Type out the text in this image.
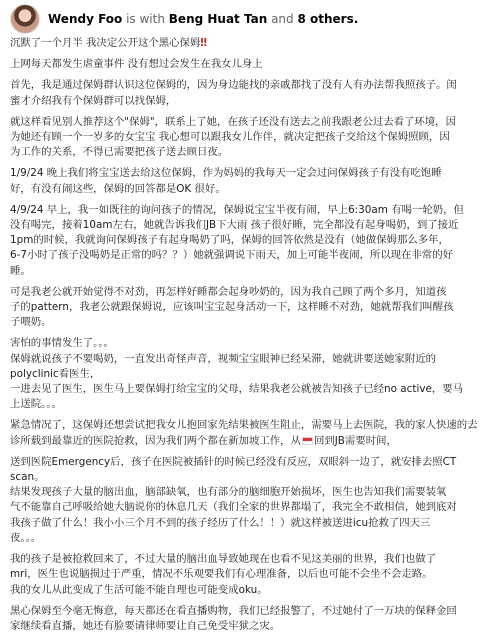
Wendy Foo is with Beng Huat Tan and 8 others.

沉默了一个月半 我决定公开这个黑心保姆‼

上网每天都发生虐童事件 没有想过会发生在我女儿身上

首先，我是通过保姆群认识这位保姆的，因为身边能找的亲戚都找了没有人有办法帮我照孩子。闺
蜜才介绍我有个保姆群可以找保姆，

就这样看见别人推荐这个"保姆"，联系上了她，在孩子还没有送去之前我跟老公过去看了环境，因
为她还有顾一个一岁多的女宝宝 我心想可以跟我女儿作伴，就决定把孩子交给这个保姆照顾，因
为工作的关系，不得已需要把孩子送去顾日夜。

1/9/24 晚上我们将宝宝送去给这位保姆，作为妈妈的我每天一定会过问保姆孩子有没有吃饱睡
好，有没有闹这些，保姆的回答都是OK 很好。

4/9/24 早上，我一如既往的询问孩子的情况，保姆说宝宝半夜有闹，早上6:30am 有喝一轮奶，但
没有喝完，接着10am左右，她就告诉我们JB下大雨 孩子很好睡，完全都没有起身喝奶，到了接近
1pm的时候，我就询问保姆孩子有起身喝奶了吗，保姆的回答依然是没有（她做保姆那么多年，
6-7小时了孩子没喝奶是正常的吗？？）她就强调说下雨天，加上可能半夜闹，所以现在非常的好
睡。

可是我老公就开始觉得不对劲，再怎样好睡都会起身吵奶的，因为我自己顾了两个多月，知道孩
子的pattern，我老公就跟保姆说，应该叫宝宝起身活动一下，这样睡不对劲，她就帮我们叫醒孩
子喂奶。

害怕的事情发生了。。。
保姆就说孩子不要喝奶，一直发出奇怪声音，视频宝宝眼神已经呆滞，她就讲要送她家附近的
polyclinic看医生，
一进去见了医生，医生马上要保姆打给宝宝的父母，结果我老公就被告知孩子已经no active，要马
上送院。。。

紧急情况了，这保姆还想尝试把我女儿抱回家先结果被医生阻止，需要马上去医院，我的家人快速的去诊所载到最靠近的医院抢救，因为我们两个都在新加坡工作，从 回到JB需要时间，

送到医院Emergency后，孩子在医院被插针的时候已经没有反应，双眼斜一边了，就安排去照CT
scan。
结果发现孩子大量的脑出血，脑部缺氧，也有部分的脑细胞开始损坏，医生也告知我们需要装氧
气不能靠自己呼吸给她大脑说你的休息几天（我们全家的世界都塌了，我完全不敢相信，她到底对
我孩子做了什么！我小小三个月不到的孩子经历了什么！！）就这样被送进icu抢救了四天三
夜。。。

我的孩子是被抢救回来了，不过大量的脑出血导致她现在也看不见这美丽的世界，我们也做了
mri，医生也说脑损过于严重，情况不乐观要我们有心理准备，以后也可能不会坐不会走路。
我的女儿从此变成了生活可能不能自理也可能变成oku。

黑心保姆至今毫无悔意，每天都还在看直播购物，我们已经报警了，不过她付了一万块的保释金回
家继续看直播，她还有脸要请律师要让自己免受牢狱之灾。
